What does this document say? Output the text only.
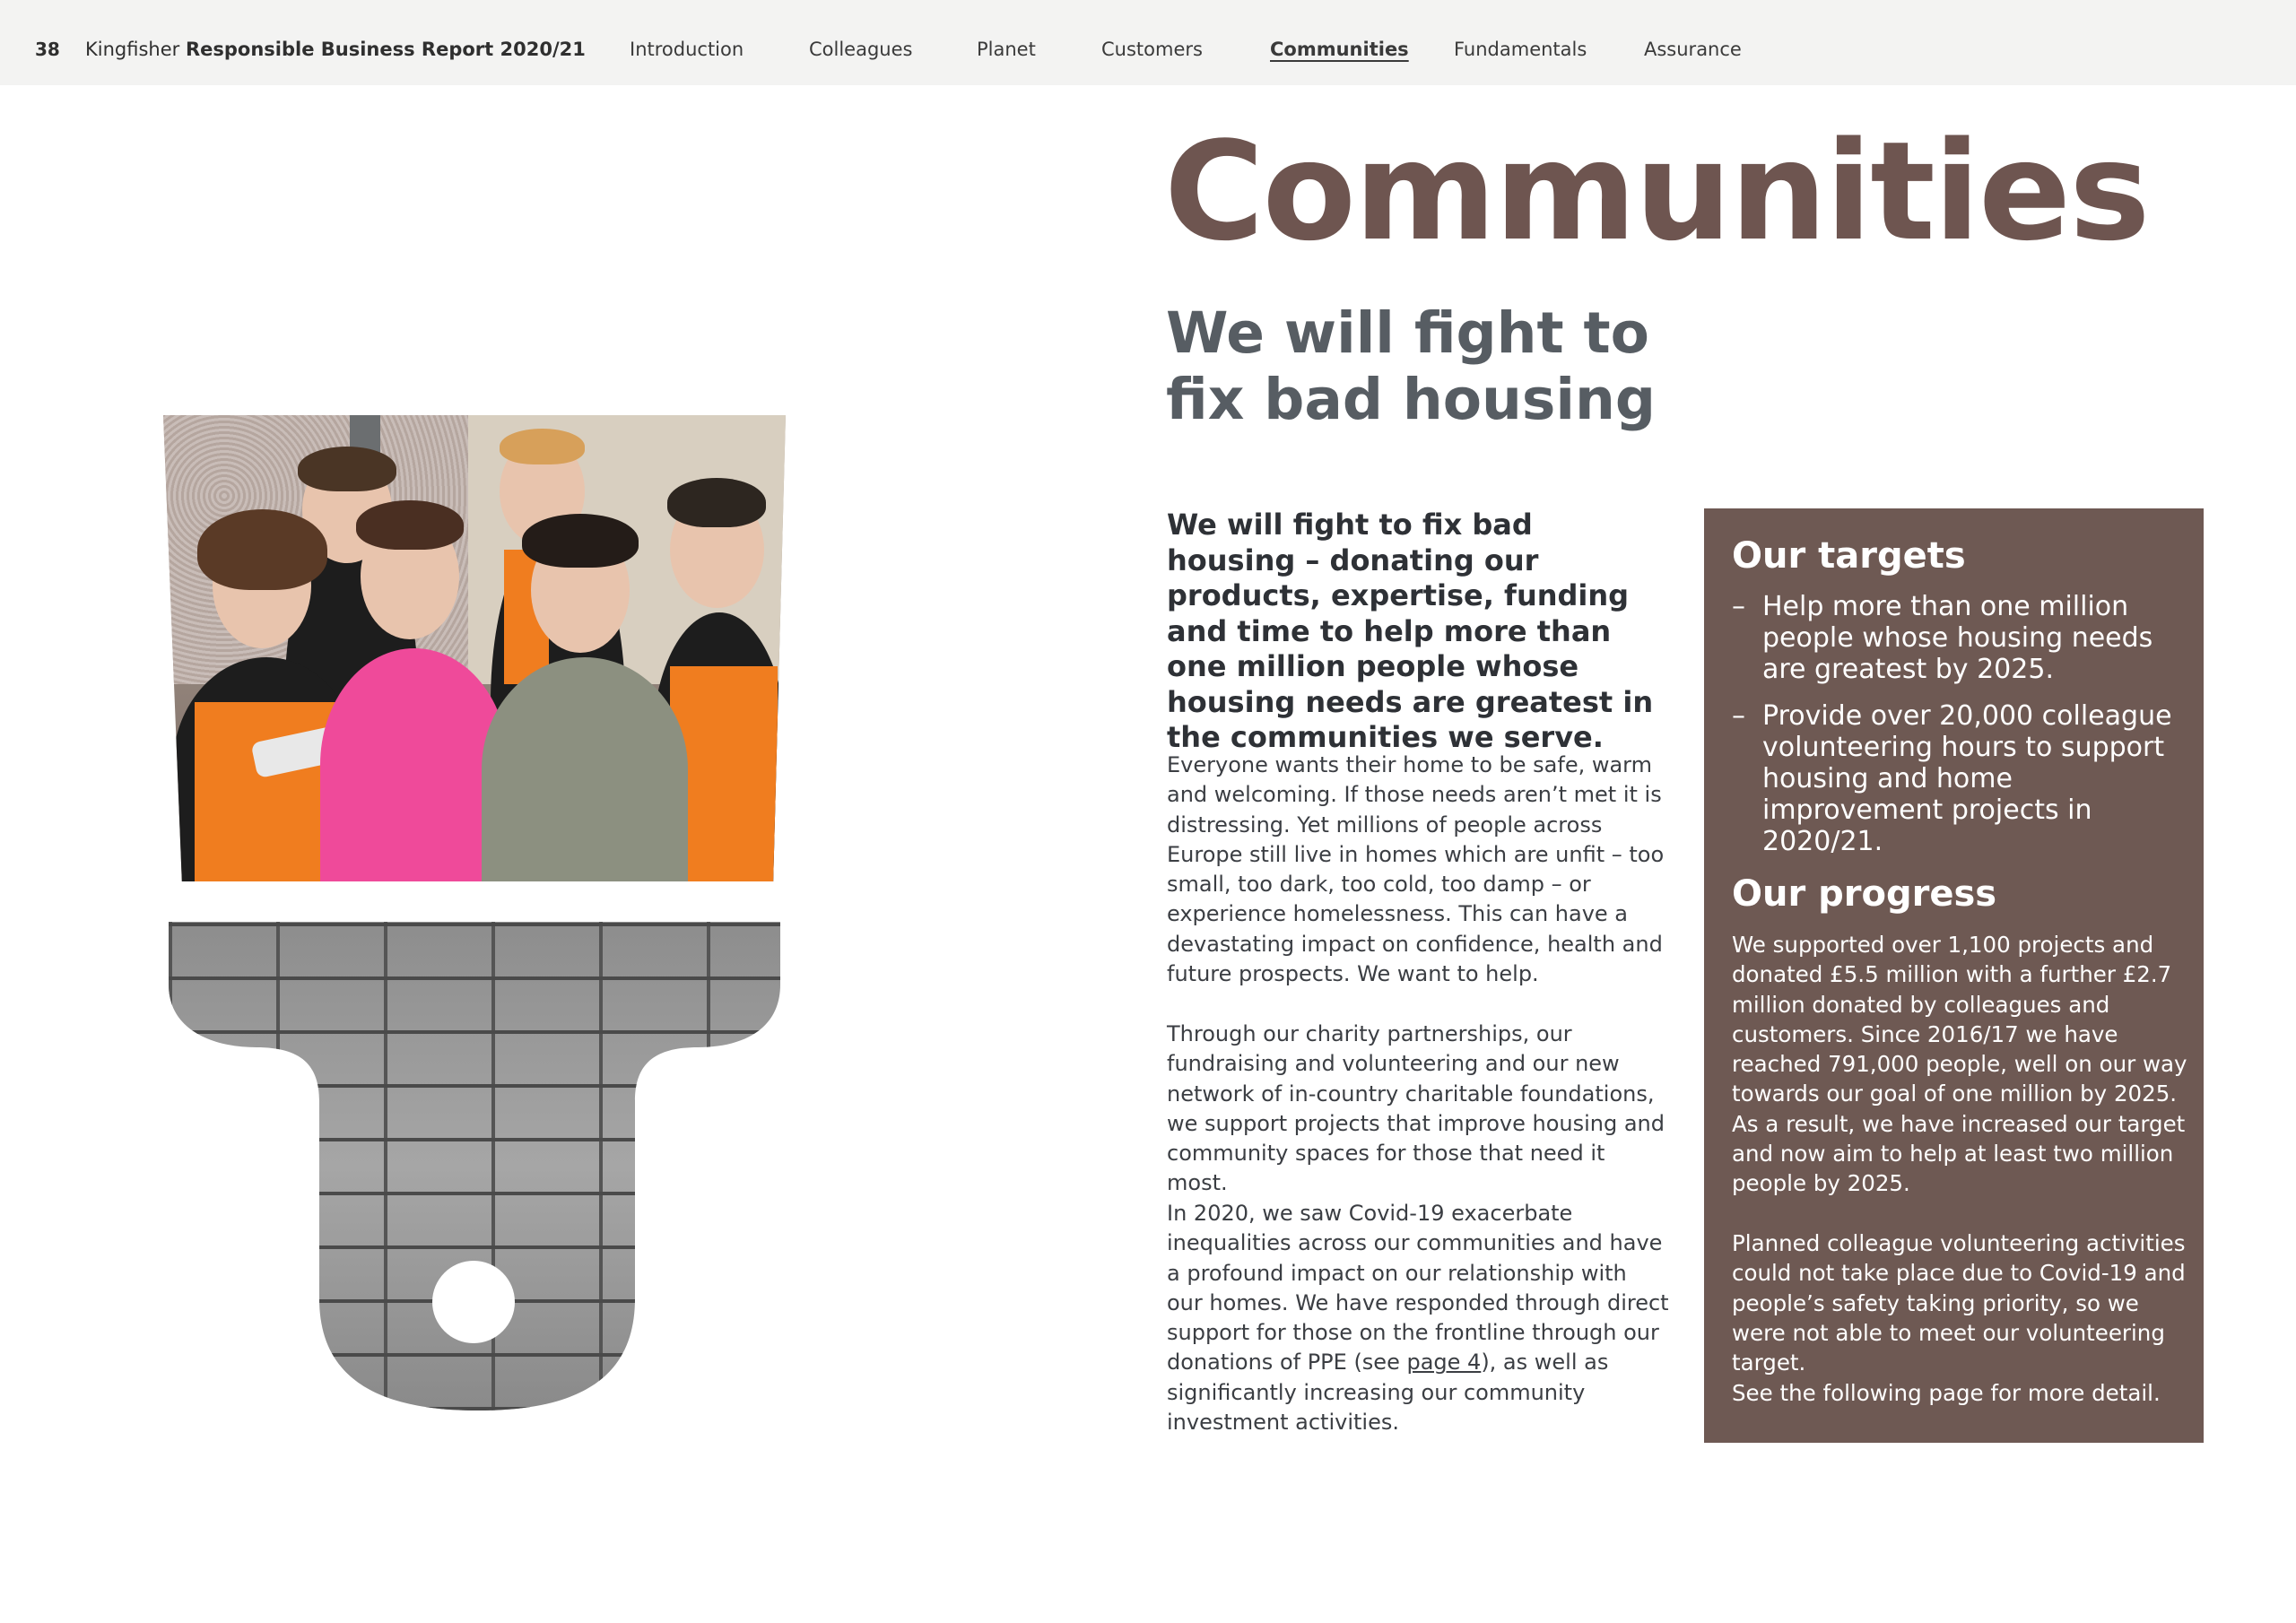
38 Kingfisher Responsible Business Report 2020/21 Introduction	Colleagues	Planet	Customers	Communities Fundamentals	Assurance
Communities
We will fight to fix bad housing
We will fight to fix bad housing – donating our products, expertise, funding and time to help more than one million people whose housing needs are greatest in the communities we serve.
Everyone wants their home to be safe, warm and welcoming. If those needs aren’t met it is distressing. Yet millions of people across Europe still live in homes which are unfit – too small, too dark, too cold, too damp – or experience homelessness. This can have a devastating impact on confidence, health and future prospects. We want to help.
Through our charity partnerships, our fundraising and volunteering and our new network of in-country charitable foundations, we support projects that improve housing and community spaces for those that need it most.
In 2020, we saw Covid-19 exacerbate inequalities across our communities and have a profound impact on our relationship with our homes. We have responded through direct support for those on the frontline through our donations of PPE (see page 4), as well as significantly increasing our community investment activities.
Our targets
– Help more than one million people whose housing needs are greatest by 2025.
– Provide over 20,000 colleague volunteering hours to support housing and home improvement projects in 2020/21.
Our progress
We supported over 1,100 projects and donated £5.5 million with a further £2.7 million donated by colleagues and customers. Since 2016/17 we have reached 791,000 people, well on our way towards our goal of one million by 2025. As a result, we have increased our target and now aim to help at least two million people by 2025.
Planned colleague volunteering activities could not take place due to Covid-19 and people’s safety taking priority, so we were not able to meet our volunteering target.
See the following page for more detail.
